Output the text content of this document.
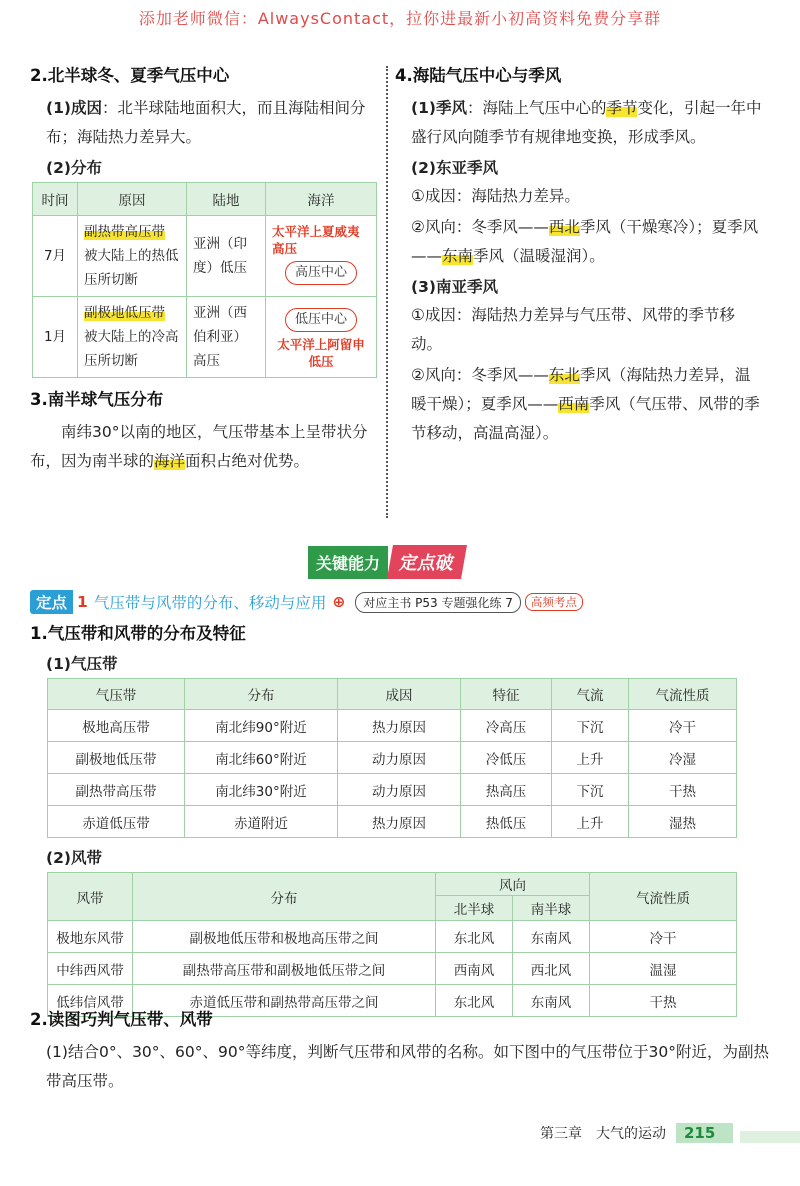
添加老师微信：AlwaysContact，拉你进最新小初高资料免费分享群
2.北半球冬、夏季气压中心

(1)成因：北半球陆地面积大，而且海陆相间分布；海陆热力差异大。

(2)分布
时间	原因	陆地	海洋
7月	副热带高压带
被大陆上的热低压所切断	亚洲（印度）低压	太平洋上夏威夷高压
高压中心
1月	副极地低压带
被大陆上的冷高压所切断	亚洲（西伯利亚）高压	低压中心
太平洋上阿留申低压
3.南半球气压分布

南纬30°以南的地区，气压带基本上呈带状分布，因为南半球的海洋面积占绝对优势。

4.海陆气压中心与季风

(1)季风：海陆上气压中心的季节变化，引起一年中盛行风向随季节有规律地变换，形成季风。

(2)东亚季风

①成因：海陆热力差异。

②风向：冬季风——西北季风（干燥寒冷）；夏季风——东南季风（温暖湿润）。

(3)南亚季风

①成因：海陆热力差异与气压带、风带的季节移动。

②风向：冬季风——东北季风（海陆热力差异，温暖干燥）；夏季风——西南季风（气压带、风带的季节移动，高温高湿）。

关键能力 定点破
定点 1 气压带与风带的分布、移动与应用 ⊕	对应主书 P53 专题强化练 7	高频考点
1.气压带和风带的分布及特征
(1)气压带
气压带	分布	成因	特征	气流	气流性质
极地高压带	南北纬90°附近	热力原因	冷高压	下沉	冷干
副极地低压带	南北纬60°附近	动力原因	冷低压	上升	冷湿
副热带高压带	南北纬30°附近	动力原因	热高压	下沉	干热
赤道低压带	赤道附近	热力原因	热低压	上升	湿热
(2)风带
风带	分布	风向		气流性质
		北半球	南半球	
极地东风带	副极地低压带和极地高压带之间	东北风	东南风	冷干
中纬西风带	副热带高压带和副极地低压带之间	西南风	西北风	温湿
低纬信风带	赤道低压带和副热带高压带之间	东北风	东南风	干热
2.读图巧判气压带、风带

(1)结合0°、30°、60°、90°等纬度，判断气压带和风带的名称。如下图中的气压带位于30°附近，为副热带高压带。

第三章　大气的运动	215
